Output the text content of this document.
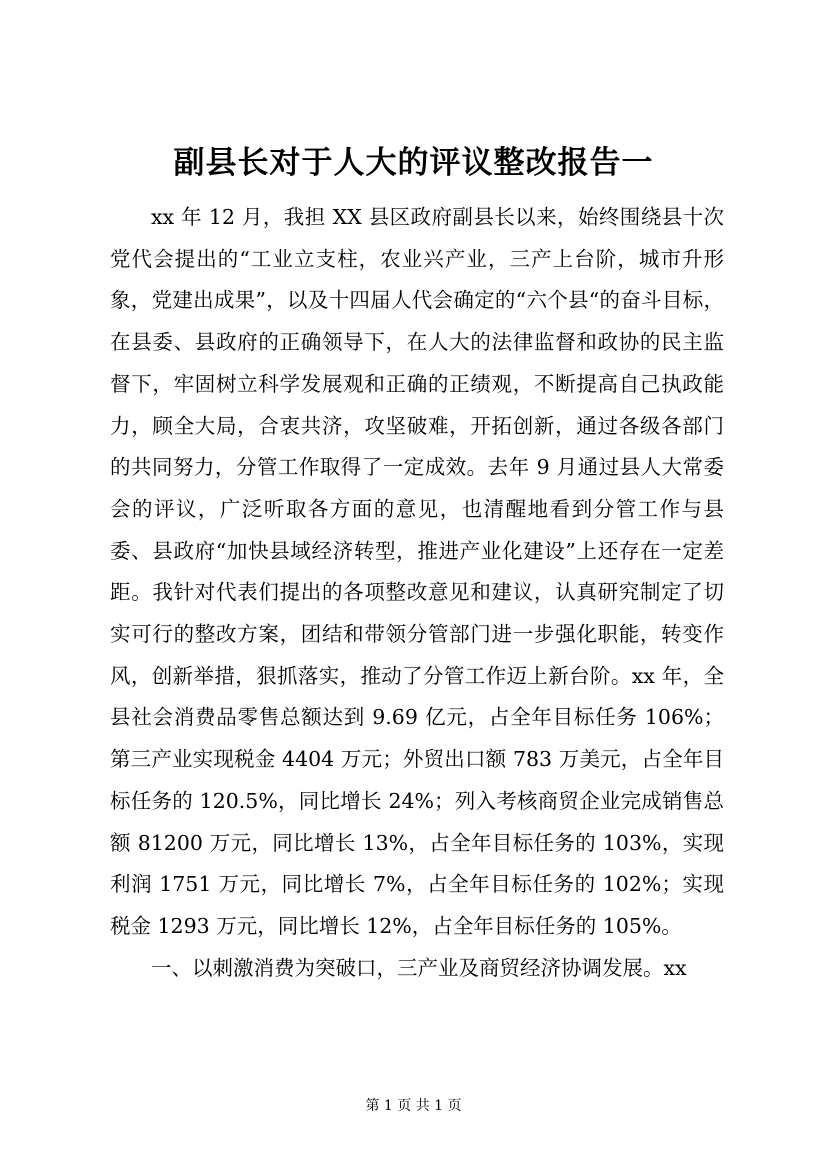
副县长对于人大的评议整改报告一

xx 年 12 月，我担 XX 县区政府副县长以来，始终围绕县十次党代会提出的“工业立支柱，农业兴产业，三产上台阶，城市升形象，党建出成果”，以及十四届人代会确定的“六个县“的奋斗目标，在县委、县政府的正确领导下，在人大的法律监督和政协的民主监督下，牢固树立科学发展观和正确的正绩观，不断提高自己执政能力，顾全大局，合衷共济，攻坚破难，开拓创新，通过各级各部门的共同努力，分管工作取得了一定成效。去年 9 月通过县人大常委会的评议，广泛听取各方面的意见，也清醒地看到分管工作与县委、县政府“加快县域经济转型，推进产业化建设”上还存在一定差距。我针对代表们提出的各项整改意见和建议，认真研究制定了切实可行的整改方案，团结和带领分管部门进一步强化职能，转变作风，创新举措，狠抓落实，推动了分管工作迈上新台阶。xx 年，全县社会消费品零售总额达到 9.69 亿元，占全年目标任务 106%；第三产业实现税金 4404 万元；外贸出口额 783 万美元，占全年目标任务的 120.5%，同比增长 24%；列入考核商贸企业完成销售总额 81200 万元，同比增长 13%，占全年目标任务的 103%，实现利润 1751 万元，同比增长 7%，占全年目标任务的 102%；实现税金 1293 万元，同比增长 12%，占全年目标任务的 105%。

一、以刺激消费为突破口，三产业及商贸经济协调发展。xx

第 1 页 共 1 页
